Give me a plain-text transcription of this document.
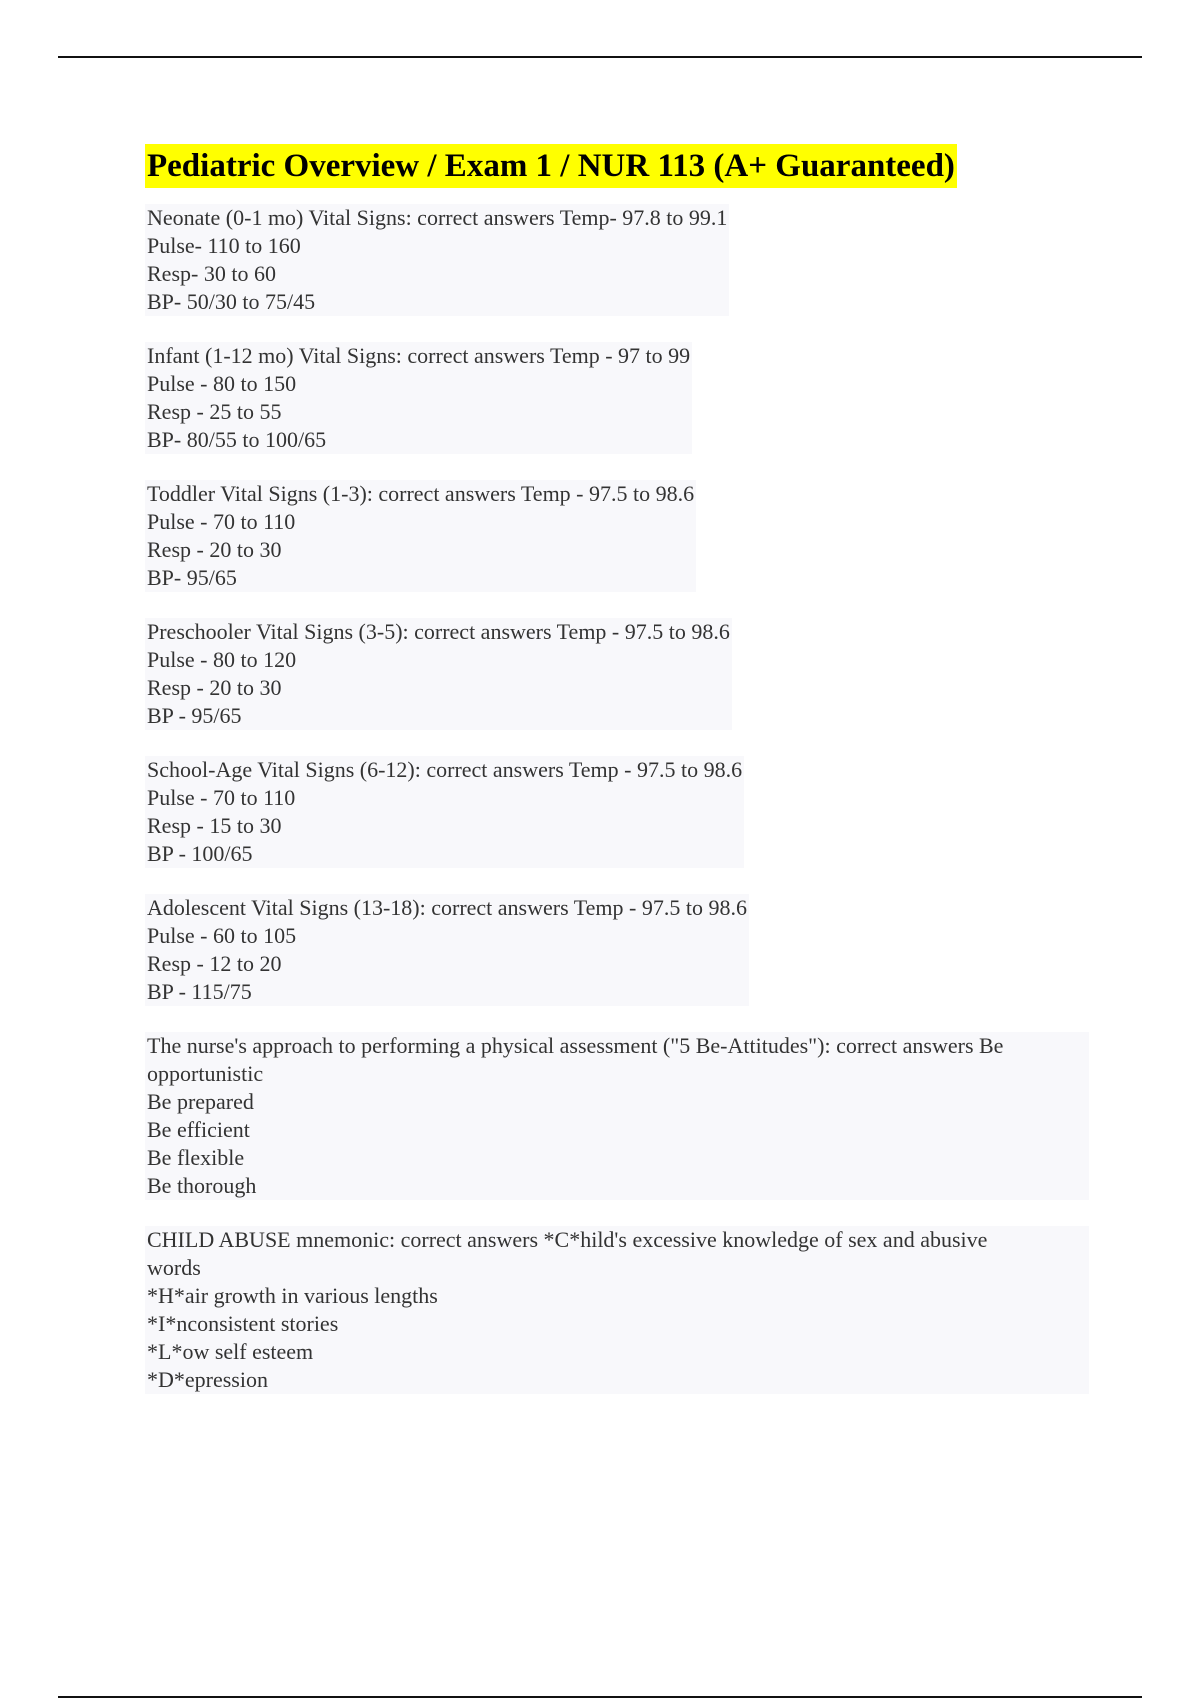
Pediatric Overview / Exam 1 / NUR 113 (A+ Guaranteed)
Neonate (0-1 mo) Vital Signs: correct answers Temp- 97.8 to 99.1
Pulse- 110 to 160
Resp- 30 to 60
BP- 50/30 to 75/45
Infant (1-12 mo) Vital Signs: correct answers Temp - 97 to 99
Pulse - 80 to 150
Resp - 25 to 55
BP- 80/55 to 100/65
Toddler Vital Signs (1-3): correct answers Temp - 97.5 to 98.6
Pulse - 70 to 110
Resp - 20 to 30
BP- 95/65
Preschooler Vital Signs (3-5): correct answers Temp - 97.5 to 98.6
Pulse - 80 to 120
Resp - 20 to 30
BP - 95/65
School-Age Vital Signs (6-12): correct answers Temp - 97.5 to 98.6
Pulse - 70 to 110
Resp - 15 to 30
BP - 100/65
Adolescent Vital Signs (13-18): correct answers Temp - 97.5 to 98.6
Pulse - 60 to 105
Resp - 12 to 20
BP - 115/75
The nurse's approach to performing a physical assessment ("5 Be-Attitudes"): correct answers Be
opportunistic
Be prepared
Be efficient
Be flexible
Be thorough
CHILD ABUSE mnemonic: correct answers *C*hild's excessive knowledge of sex and abusive
words
*H*air growth in various lengths
*I*nconsistent stories
*L*ow self esteem
*D*epression
